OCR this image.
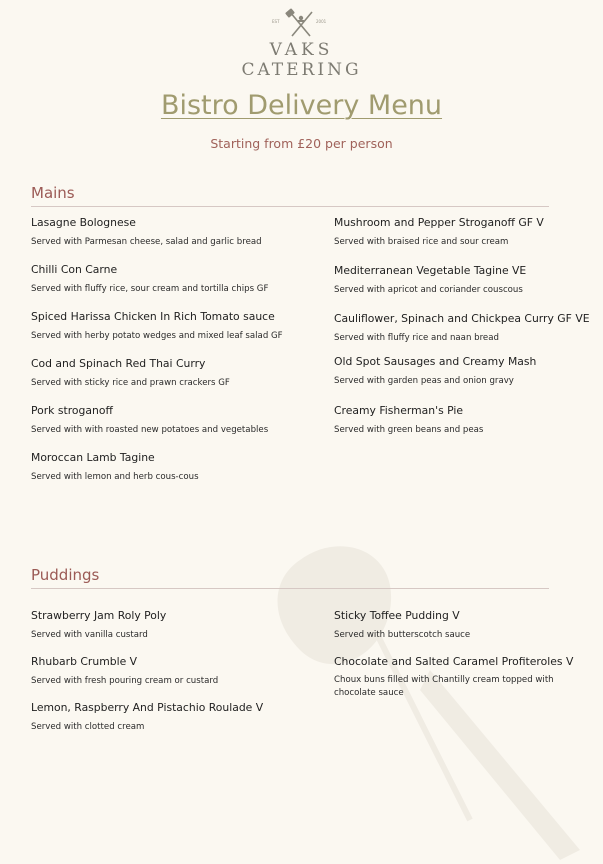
EST	2001
VAKS
CATERING
Bistro Delivery Menu
Starting from £20 per person
Mains
Lasagne Bolognese
Served with Parmesan cheese, salad and garlic bread
Chilli Con Carne
Served with fluffy rice, sour cream and tortilla chips GF
Spiced Harissa Chicken In Rich Tomato sauce
Served with herby potato wedges and mixed leaf salad GF
Cod and Spinach Red Thai Curry
Served with sticky rice and prawn crackers GF
Pork stroganoff
Served with with roasted new potatoes and vegetables
Moroccan Lamb Tagine
Served with lemon and herb cous-cous
Mushroom and Pepper Stroganoff GF V
Served with braised rice and sour cream
Mediterranean Vegetable Tagine VE
Served with apricot and coriander couscous
Cauliflower, Spinach and Chickpea Curry GF VE
Served with fluffy rice and naan bread
Old Spot Sausages and Creamy Mash
Served with garden peas and onion gravy
Creamy Fisherman's Pie
Served with green beans and peas
Puddings
Strawberry Jam Roly Poly
Served with vanilla custard
Rhubarb Crumble V
Served with fresh pouring cream or custard
Lemon, Raspberry And Pistachio Roulade V
Served with clotted cream
Sticky Toffee Pudding V
Served with butterscotch sauce
Chocolate and Salted Caramel Profiteroles V
Choux buns filled with Chantilly cream topped with chocolate sauce
